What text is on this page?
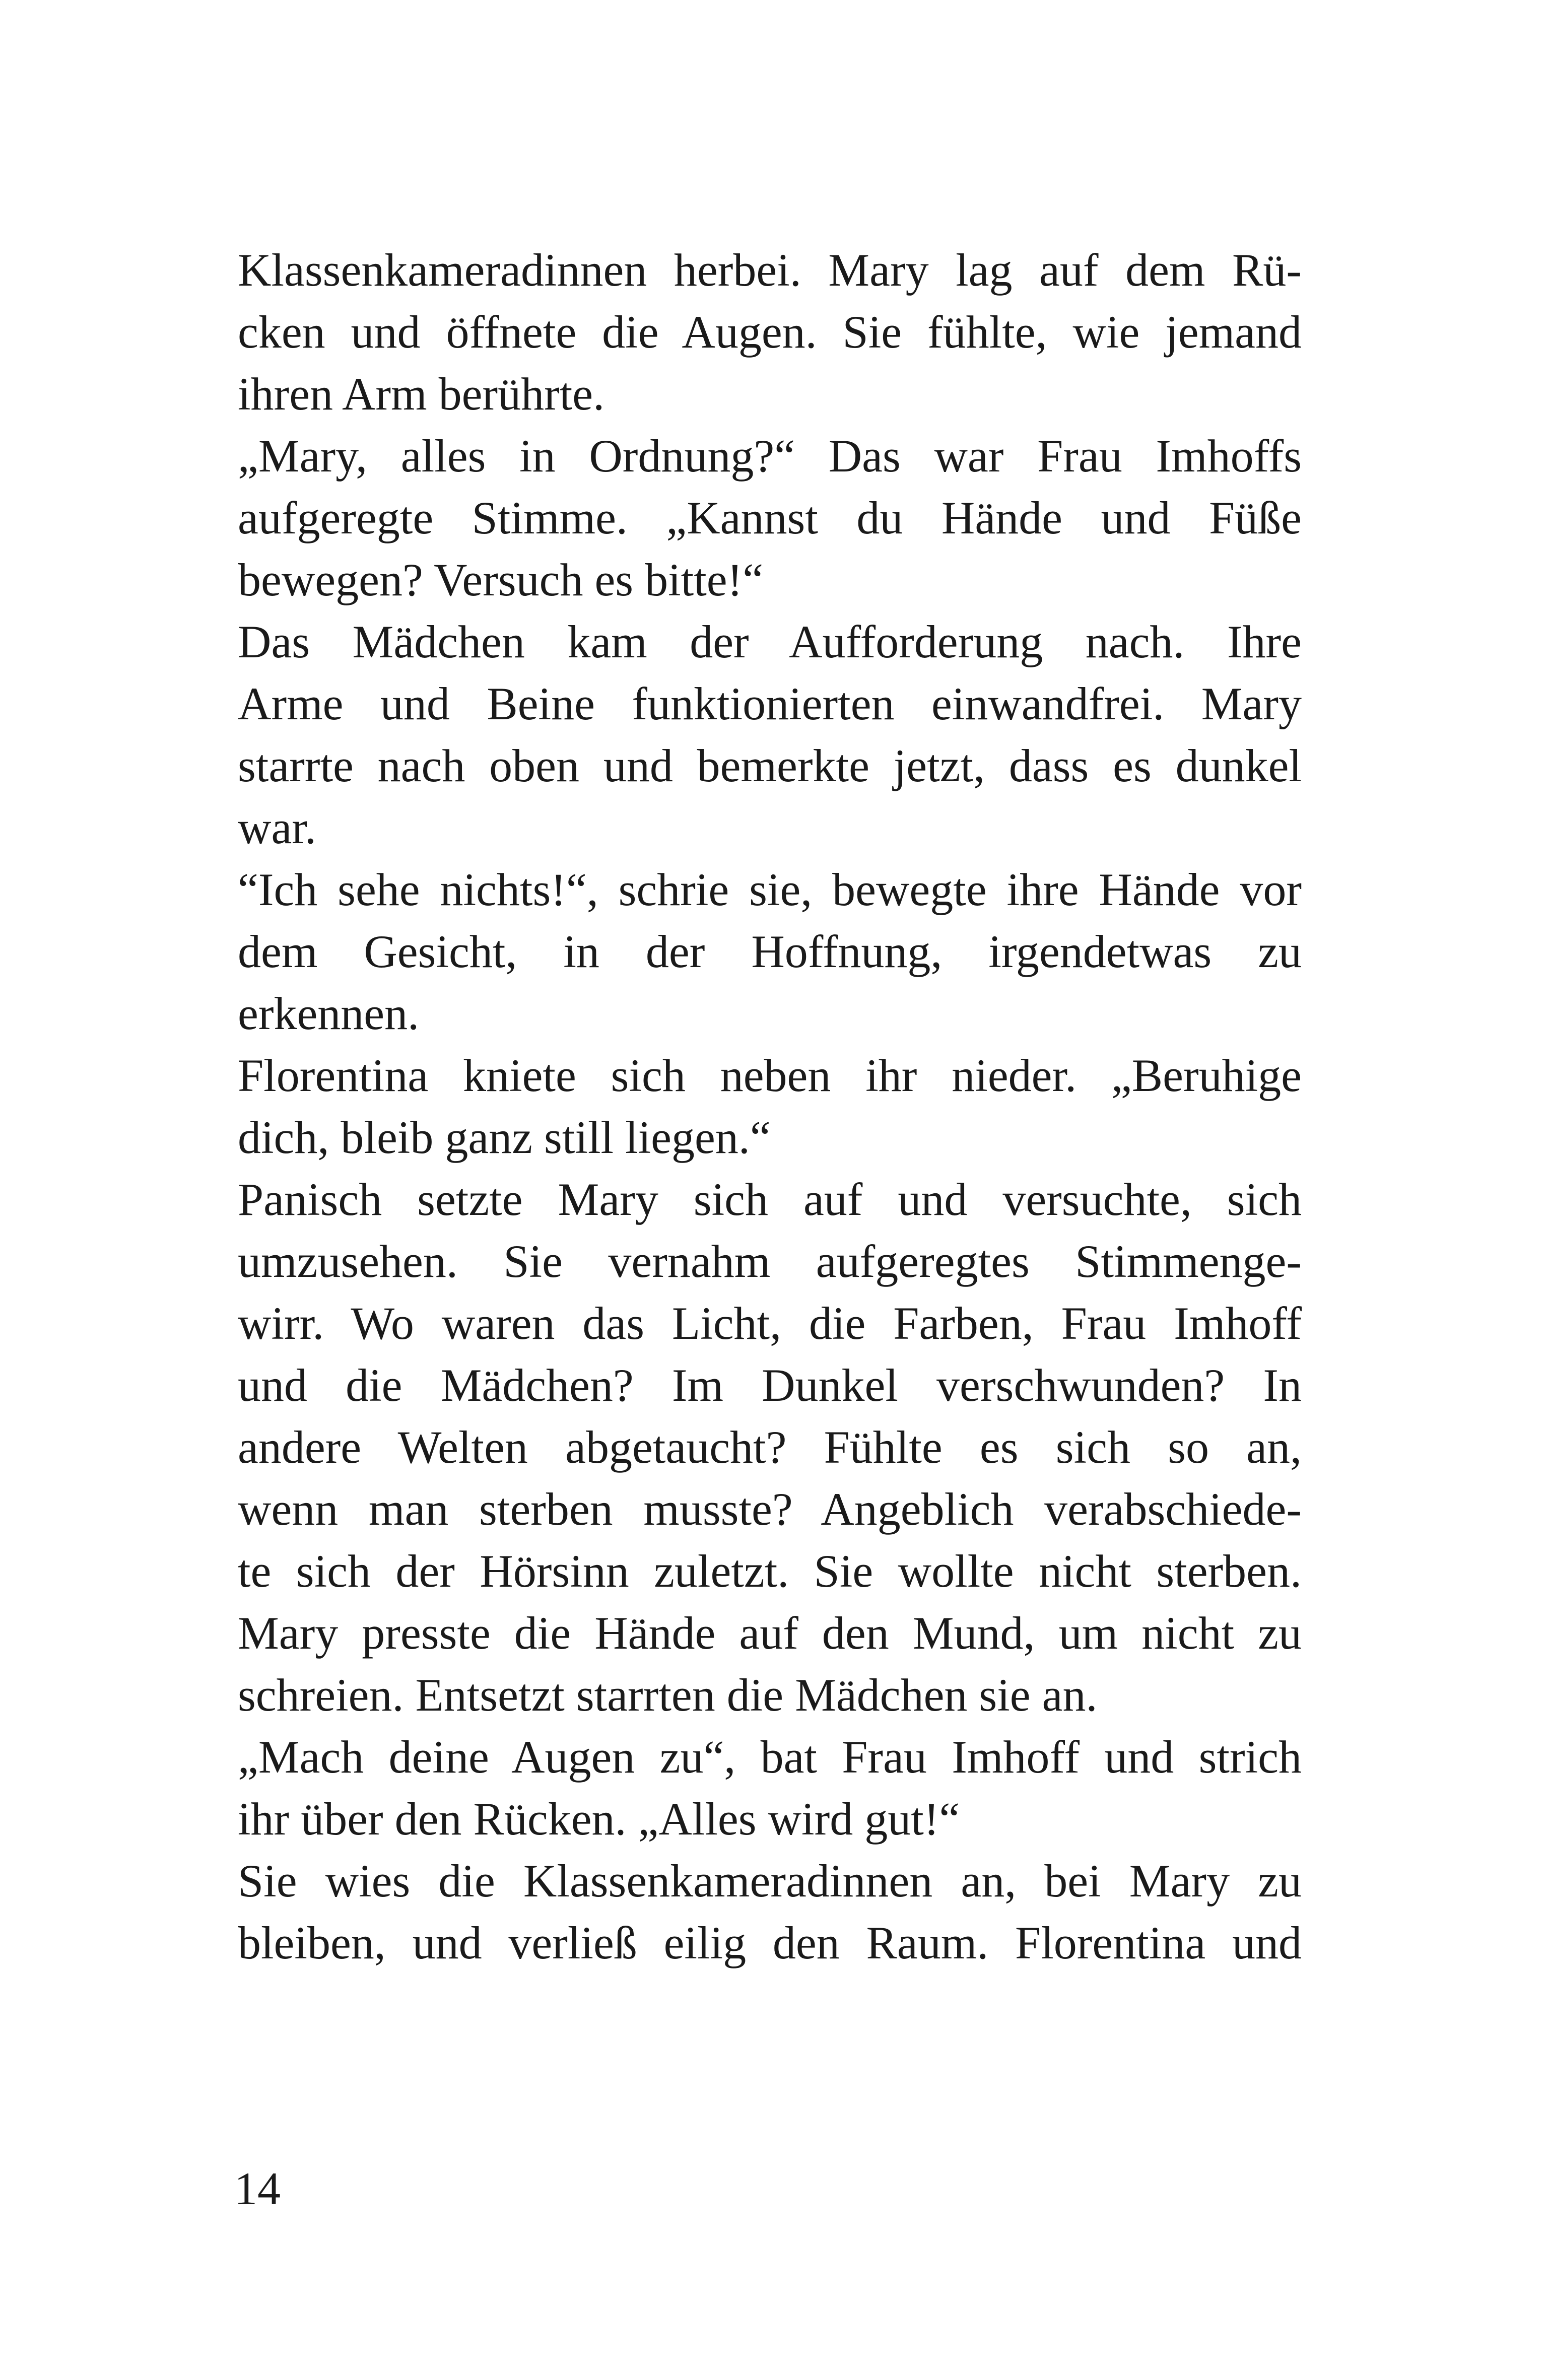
Klassenkameradinnen herbei. Mary lag auf dem Rü-
cken und öffnete die Augen. Sie fühlte, wie jemand
ihren Arm berührte.
„Mary, alles in Ordnung?“ Das war Frau Imhoffs
aufgeregte Stimme. „Kannst du Hände und Füße
bewegen? Versuch es bitte!“
Das Mädchen kam der Aufforderung nach. Ihre
Arme und Beine funktionierten einwandfrei. Mary
starrte nach oben und bemerkte jetzt, dass es dunkel
war.
“Ich sehe nichts!“, schrie sie, bewegte ihre Hände vor
dem Gesicht, in der Hoffnung, irgendetwas zu
erkennen.
Florentina kniete sich neben ihr nieder. „Beruhige
dich, bleib ganz still liegen.“
Panisch setzte Mary sich auf und versuchte, sich
umzusehen. Sie vernahm aufgeregtes Stimmenge-
wirr. Wo waren das Licht, die Farben, Frau Imhoff
und die Mädchen? Im Dunkel verschwunden? In
andere Welten abgetaucht? Fühlte es sich so an,
wenn man sterben musste? Angeblich verabschiede-
te sich der Hörsinn zuletzt. Sie wollte nicht sterben.
Mary presste die Hände auf den Mund, um nicht zu
schreien. Entsetzt starrten die Mädchen sie an.
„Mach deine Augen zu“, bat Frau Imhoff und strich
ihr über den Rücken. „Alles wird gut!“
Sie wies die Klassenkameradinnen an, bei Mary zu
bleiben, und verließ eilig den Raum. Florentina und
14
